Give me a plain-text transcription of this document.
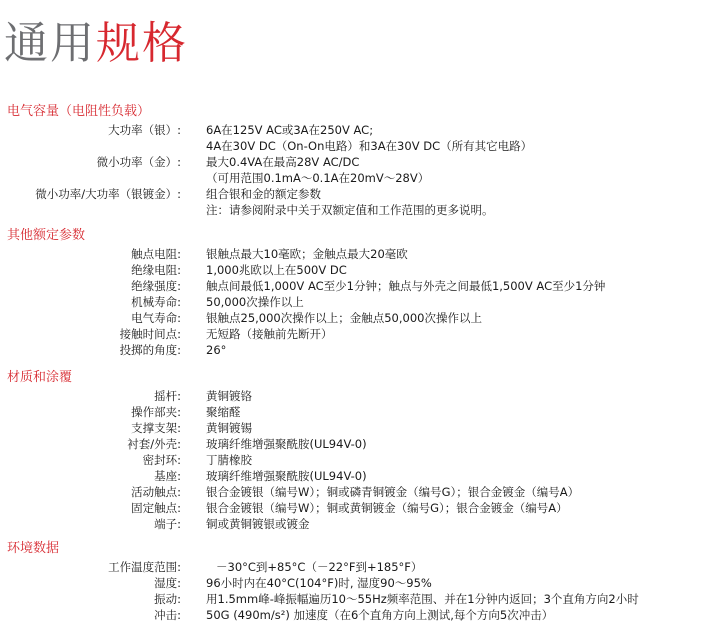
通用规格
电气容量（电阻性负载）
大功率（银）: 6A在125V AC或3A在250V AC;
4A在30V DC（On-On电路）和3A在30V DC（所有其它电路）
微小功率（金）: 最大0.4VA在最高28V AC/DC
（可用范围0.1mA～0.1A在20mV～28V）
微小功率/大功率（银镀金）: 组合银和金的额定参数
注：请参阅附录中关于双额定值和工作范围的更多说明。
其他额定参数
触点电阻: 银触点最大10毫欧；金触点最大20毫欧
绝缘电阻: 1,000兆欧以上在500V DC
绝缘强度: 触点间最低1,000V AC至少1分钟；触点与外壳之间最低1,500V AC至少1分钟
机械寿命: 50,000次操作以上
电气寿命: 银触点25,000次操作以上；金触点50,000次操作以上
接触时间点: 无短路（接触前先断开）
投掷的角度: 26°
材质和涂覆
摇杆: 黄铜镀铬
操作部夹: 聚缩醛
支撑支架: 黄铜镀锡
衬套/外壳: 玻璃纤维增强聚酰胺(UL94V-0)
密封环: 丁腈橡胶
基座: 玻璃纤维增强聚酰胺(UL94V-0)
活动触点: 银合金镀银（编号W）；铜或磷青铜镀金（编号G）；银合金镀金（编号A）
固定触点: 银合金镀银（编号W）；铜或黄铜镀金（编号G）；银合金镀金（编号A）
端子: 铜或黄铜镀银或镀金
环境数据
工作温度范围:	－30°C到+85°C（－22°F到+185°F）
湿度: 96小时内在40°C(104°F)时, 湿度90～95%
振动: 用1.5mm峰-峰振幅遍历10～55Hz频率范围、并在1分钟内返回；3个直角方向2小时
冲击: 50G (490m/s²) 加速度（在6个直角方向上测试,每个方向5次冲击）
